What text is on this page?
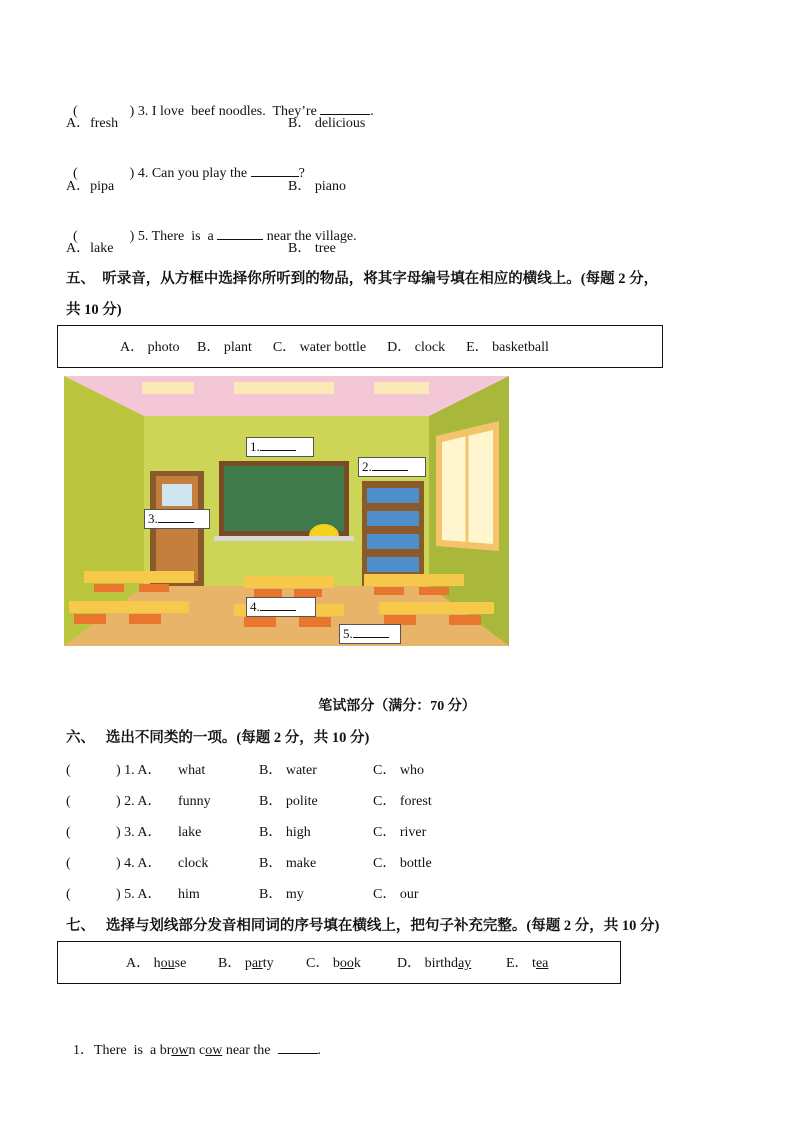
(	) 3. I love  beef noodles.  They’re	.

A．fresh	B． delicious

(	) 4. Can you play the	?

A．pipa	B． piano

(	) 5. There  is  a	near the village.

A．lake	B． tree
五、  听录音，从方框中选择你所听到的物品，将其字母编号填在相应的横线上。(每题 2 分，
共 10 分)
A． photo     B． plant      C． water bottle      D． clock      E． basketball
1.
2.
3.
4.
5.
笔试部分（满分：70 分）
六、   选出不同类的一项。(每题 2 分，共 10 分)
(	) 1. A． what	B． water	C． who
(	) 2. A． funny	B． polite	C． forest
(	) 3. A． lake	B． high	C． river
(	) 4. A． clock	B． make	C． bottle
(	) 5. A． him	B． my	C． our
七、   选择与划线部分发音相同词的序号填在横线上，把句子补充完整。(每题 2 分，共 10 分)
A． house B． party C． book	D． birthday E． tea

1．There  is  a brown cow near the	.
